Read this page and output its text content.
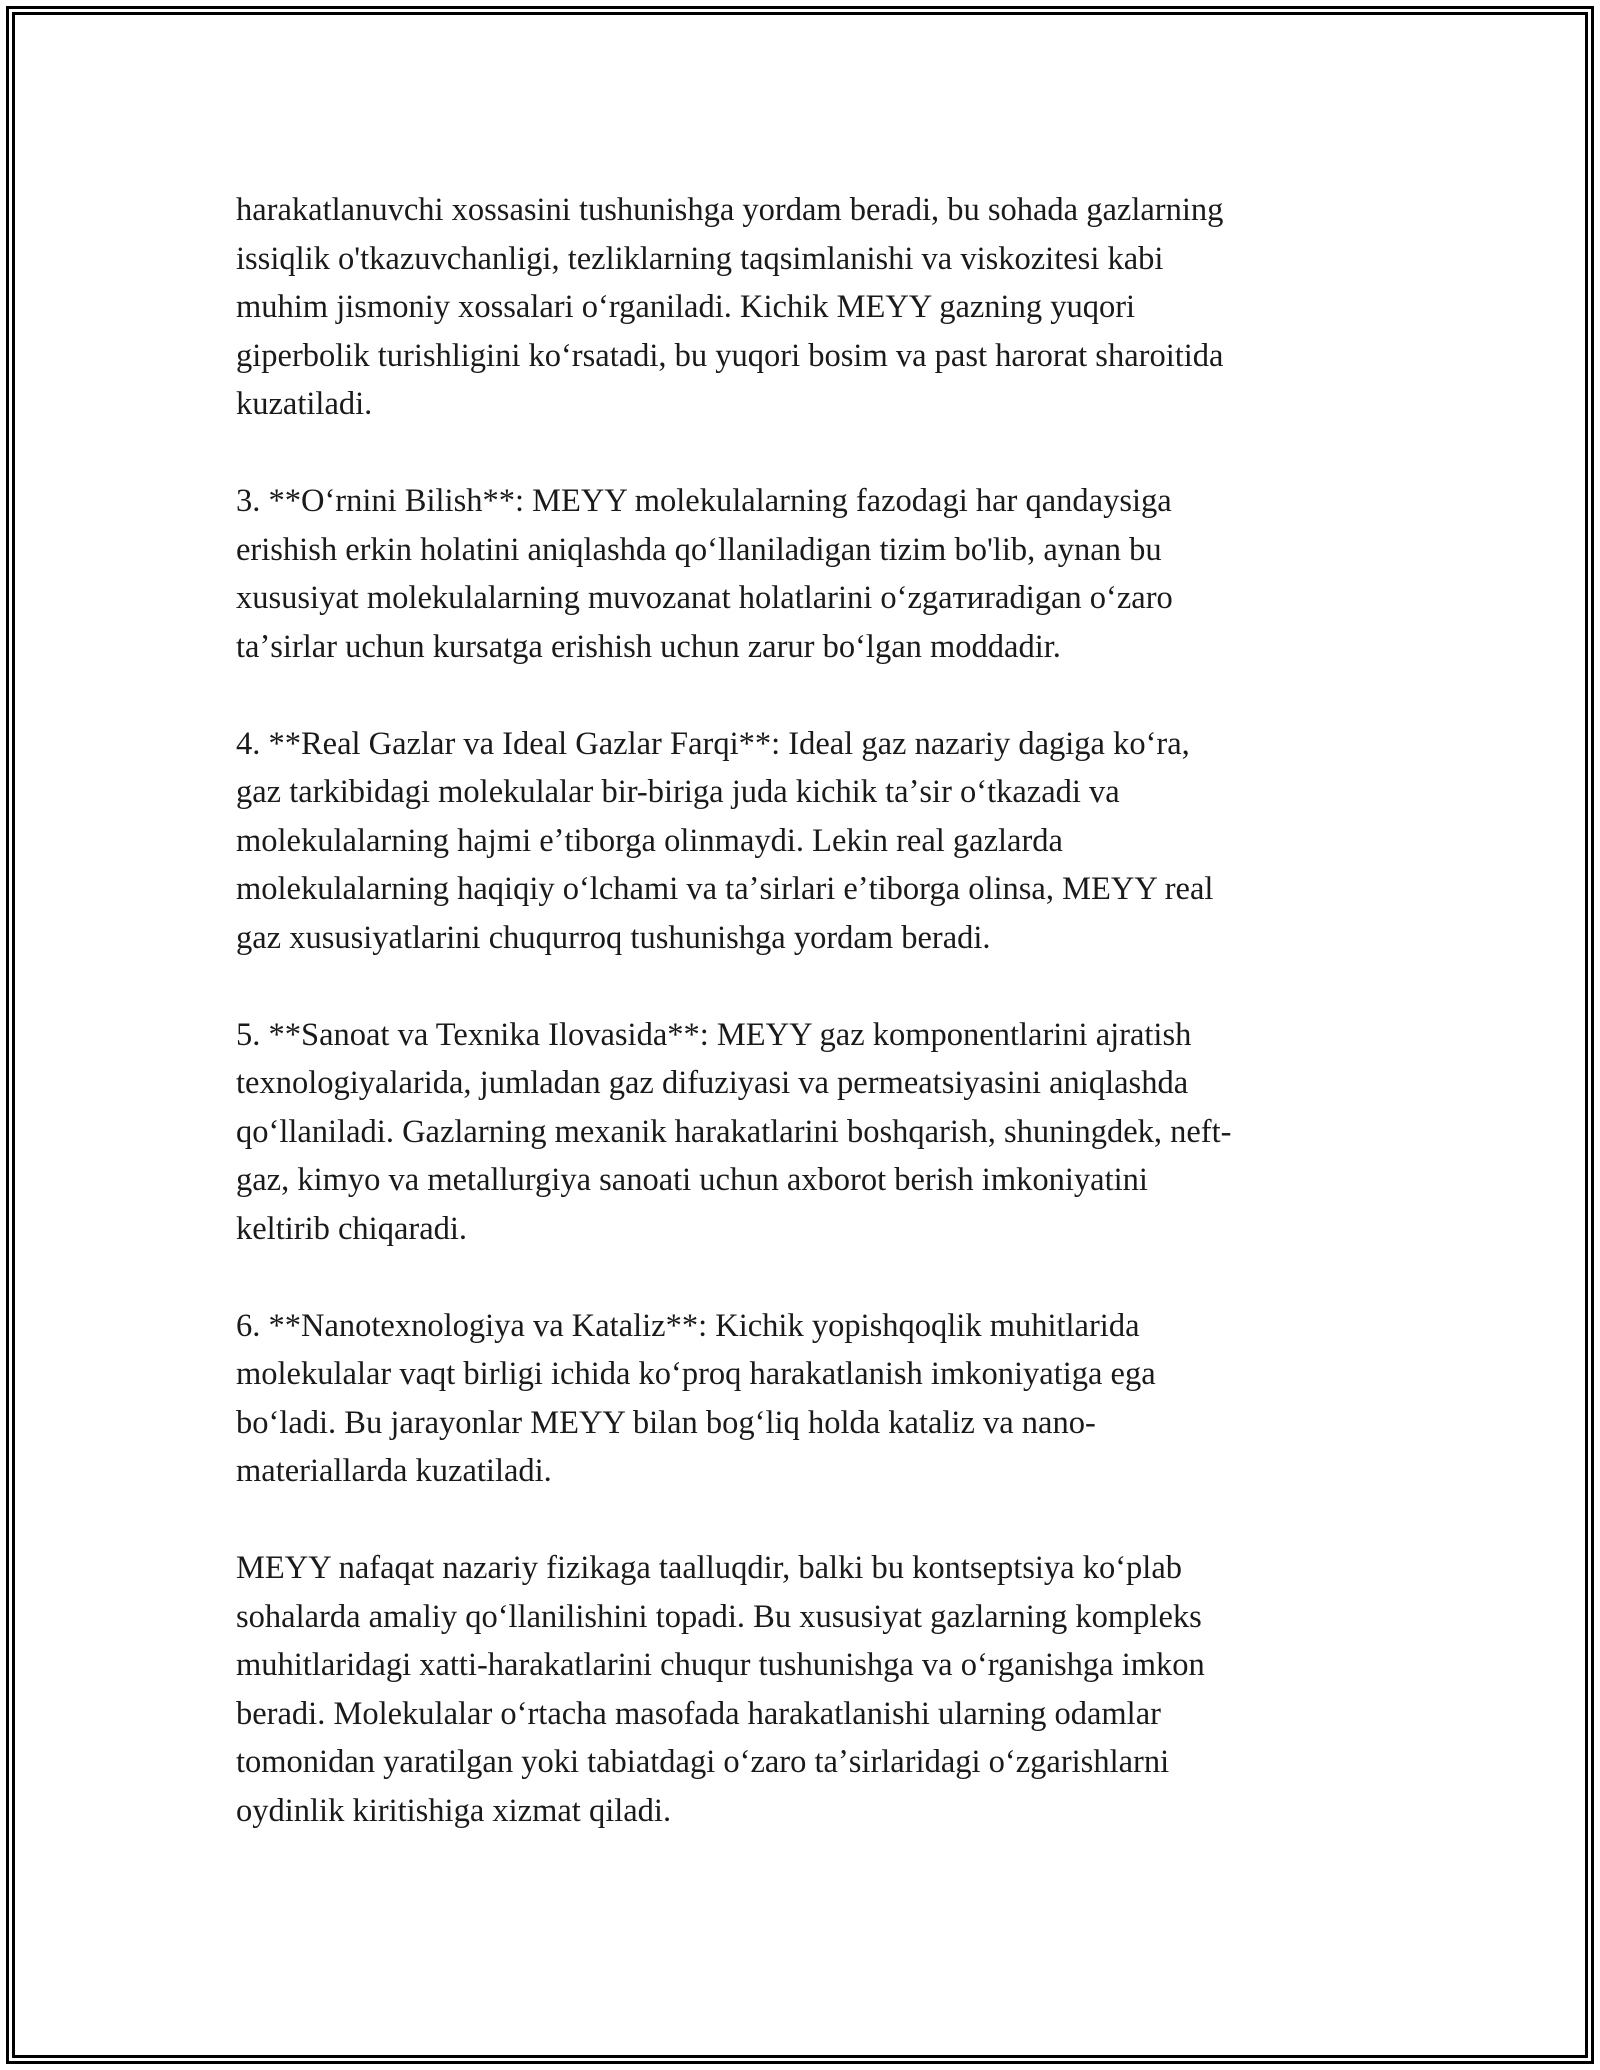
harakatlanuvchi xossasini tushunishga yordam beradi, bu sohada gazlarning
issiqlik o'tkazuvchanligi, tezliklarning taqsimlanishi va viskozitesi kabi
muhim jismoniy xossalari oʻrganiladi. Kichik MEYY gazning yuqori
giperbolik turishligini koʻrsatadi, bu yuqori bosim va past harorat sharoitida
kuzatiladi.

3. **Oʻrnini Bilish**: MEYY molekulalarning fazodagi har qandaysiga
erishish erkin holatini aniqlashda qoʻllaniladigan tizim bo'lib, aynan bu
xususiyat molekulalarning muvozanat holatlarini oʻzgaтиradigan oʻzaro
taʼsirlar uchun kursatga erishish uchun zarur boʻlgan moddadir.

4. **Real Gazlar va Ideal Gazlar Farqi**: Ideal gaz nazariy dagiga koʻra,
gaz tarkibidagi molekulalar bir-biriga juda kichik taʼsir oʻtkazadi va
molekulalarning hajmi eʼtiborga olinmaydi. Lekin real gazlarda
molekulalarning haqiqiy oʻlchami va taʼsirlari eʼtiborga olinsa, MEYY real
gaz xususiyatlarini chuqurroq tushunishga yordam beradi.

5. **Sanoat va Texnika Ilovasida**: MEYY gaz komponentlarini ajratish
texnologiyalarida, jumladan gaz difuziyasi va permeatsiyasini aniqlashda
qoʻllaniladi. Gazlarning mexanik harakatlarini boshqarish, shuningdek, neft-
gaz, kimyo va metallurgiya sanoati uchun axborot berish imkoniyatini
keltirib chiqaradi.

6. **Nanotexnologiya va Kataliz**: Kichik yopishqoqlik muhitlarida
molekulalar vaqt birligi ichida koʻproq harakatlanish imkoniyatiga ega
boʻladi. Bu jarayonlar MEYY bilan bogʻliq holda kataliz va nano-
materiallarda kuzatiladi.

MEYY nafaqat nazariy fizikaga taalluqdir, balki bu kontseptsiya koʻplab
sohalarda amaliy qoʻllanilishini topadi. Bu xususiyat gazlarning kompleks
muhitlaridagi xatti-harakatlarini chuqur tushunishga va oʻrganishga imkon
beradi. Molekulalar oʻrtacha masofada harakatlanishi ularning odamlar
tomonidan yaratilgan yoki tabiatdagi oʻzaro taʼsirlaridagi oʻzgarishlarni
oydinlik kiritishiga xizmat qiladi.
